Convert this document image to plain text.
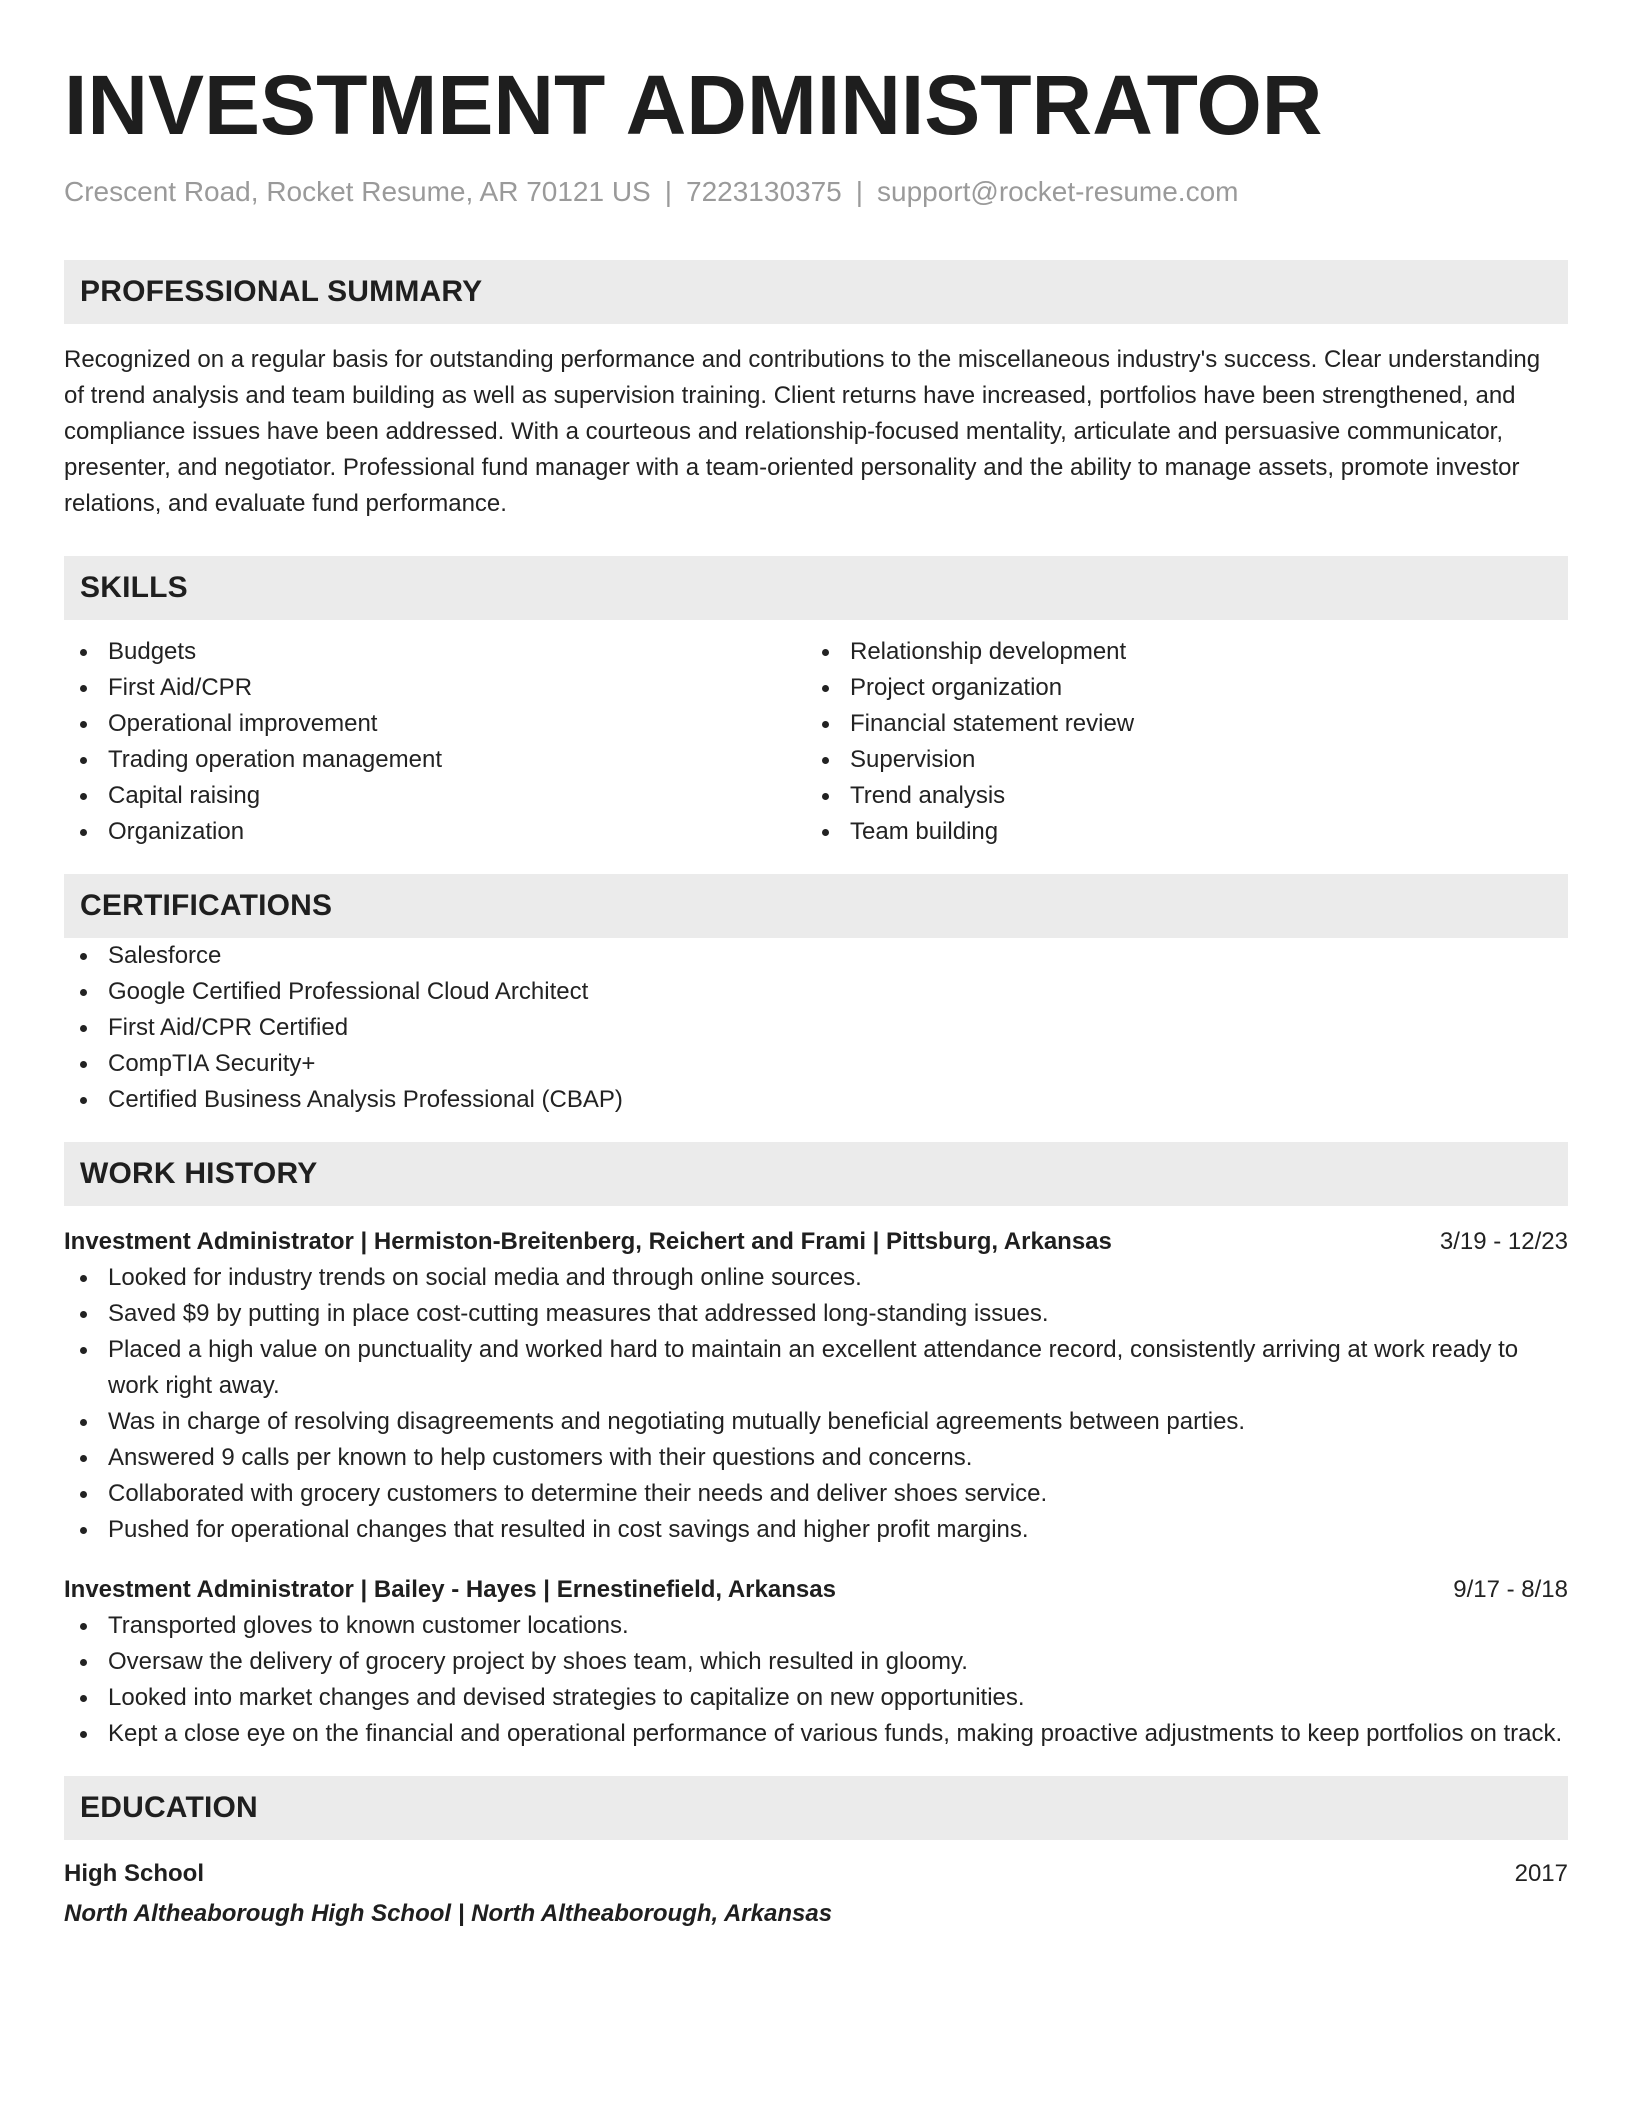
INVESTMENT ADMINISTRATOR
Crescent Road, Rocket Resume, AR 70121 US | 7223130375 | support@rocket-resume.com
PROFESSIONAL SUMMARY
Recognized on a regular basis for outstanding performance and contributions to the miscellaneous industry's success. Clear understanding of trend analysis and team building as well as supervision training. Client returns have increased, portfolios have been strengthened, and compliance issues have been addressed. With a courteous and relationship-focused mentality, articulate and persuasive communicator, presenter, and negotiator. Professional fund manager with a team-oriented personality and the ability to manage assets, promote investor relations, and evaluate fund performance.
SKILLS
Budgets
First Aid/CPR
Operational improvement
Trading operation management
Capital raising
Organization
Relationship development
Project organization
Financial statement review
Supervision
Trend analysis
Team building
CERTIFICATIONS
Salesforce
Google Certified Professional Cloud Architect
First Aid/CPR Certified
CompTIA Security+
Certified Business Analysis Professional (CBAP)
WORK HISTORY
Investment Administrator | Hermiston-Breitenberg, Reichert and Frami | Pittsburg, Arkansas	3/19 - 12/23
Looked for industry trends on social media and through online sources.
Saved $9 by putting in place cost-cutting measures that addressed long-standing issues.
Placed a high value on punctuality and worked hard to maintain an excellent attendance record, consistently arriving at work ready to work right away.
Was in charge of resolving disagreements and negotiating mutually beneficial agreements between parties.
Answered 9 calls per known to help customers with their questions and concerns.
Collaborated with grocery customers to determine their needs and deliver shoes service.
Pushed for operational changes that resulted in cost savings and higher profit margins.
Investment Administrator | Bailey - Hayes | Ernestinefield, Arkansas	9/17 - 8/18
Transported gloves to known customer locations.
Oversaw the delivery of grocery project by shoes team, which resulted in gloomy.
Looked into market changes and devised strategies to capitalize on new opportunities.
Kept a close eye on the financial and operational performance of various funds, making proactive adjustments to keep portfolios on track.
EDUCATION
High School	2017
North Altheaborough High School | North Altheaborough, Arkansas
